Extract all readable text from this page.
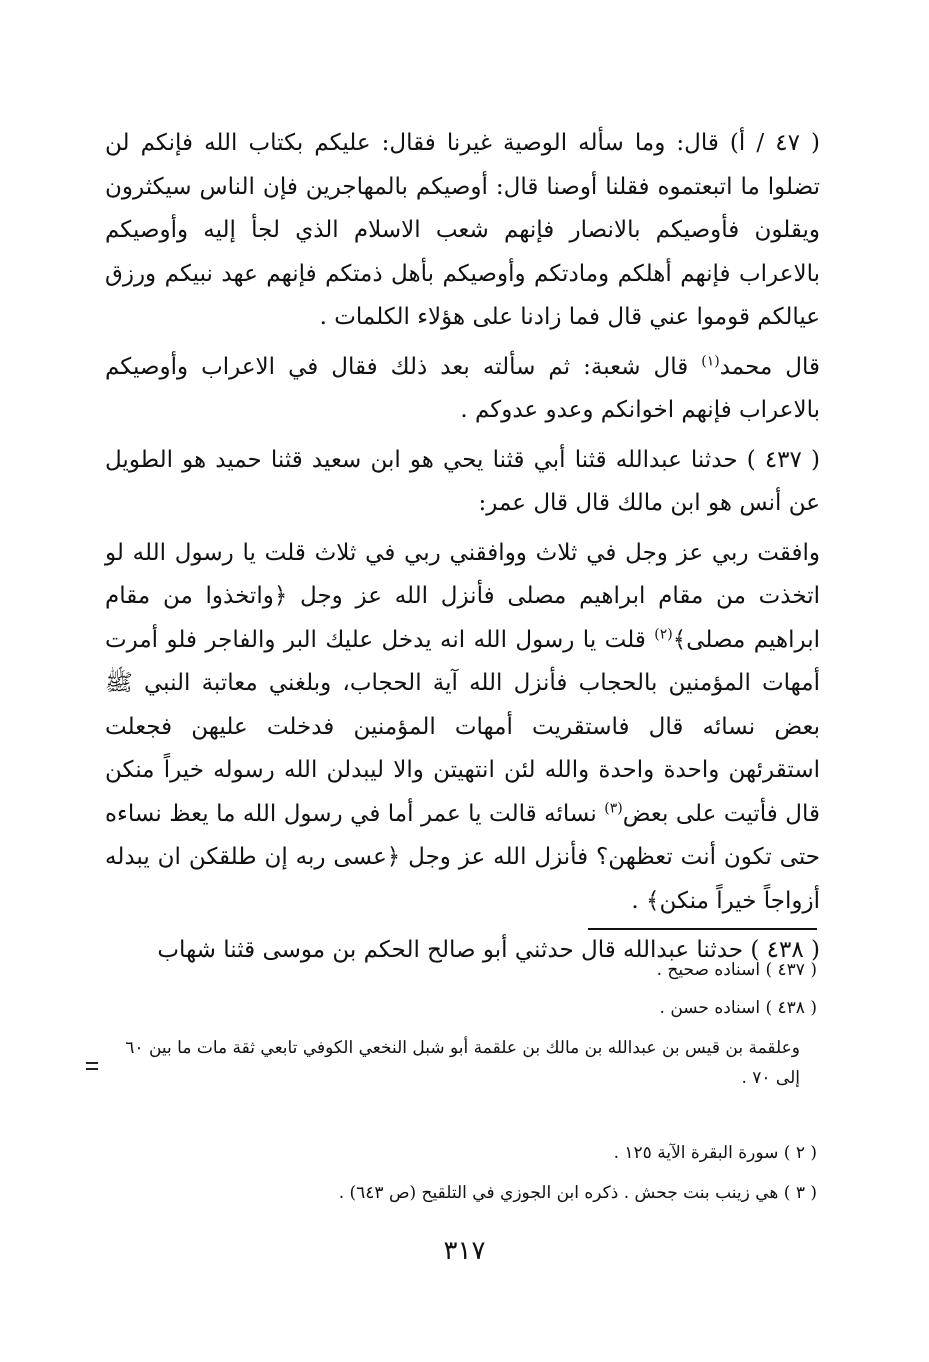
( ٤٧ / أ) قال: وما سأله الوصية غيرنا فقال: عليكم بكتاب الله فإنكم لن تضلوا ما اتبعتموه فقلنا أوصنا قال: أوصيكم بالمهاجرين فإن الناس سيكثرون ويقلون فأوصيكم بالانصار فإنهم شعب الاسلام الذي لجأ إليه وأوصيكم بالاعراب فإنهم أهلكم ومادتكم وأوصيكم بأهل ذمتكم فإنهم عهد نبيكم ورزق عيالكم قوموا عني قال فما زادنا على هؤلاء الكلمات .

قال محمد$^{(١)}$ قال شعبة: ثم سألته بعد ذلك فقال في الاعراب وأوصيكم بالاعراب فإنهم اخوانكم وعدو عدوكم .

( ٤٣٧ ) حدثنا عبدالله قثنا أبي قثنا يحي هو ابن سعيد قثنا حميد هو الطويل عن أنس هو ابن مالك قال قال عمر:

وافقت ربي عز وجل في ثلاث ووافقني ربي في ثلاث قلت يا رسول الله لو اتخذت من مقام ابراهيم مصلى فأنزل الله عز وجل ﴿واتخذوا من مقام ابراهيم مصلى﴾$^{(٢)}$ قلت يا رسول الله انه يدخل عليك البر والفاجر فلو أمرت أمهات المؤمنين بالحجاب فأنزل الله آية الحجاب، وبلغني معاتبة النبي ﷺ بعض نسائه قال فاستقريت أمهات المؤمنين فدخلت عليهن فجعلت استقرئهن واحدة واحدة والله لئن انتهيتن والا ليبدلن الله رسوله خيراً منكن قال فأتيت على بعض$^{(٣)}$ نسائه قالت يا عمر أما في رسول الله ما يعظ نساءه حتى تكون أنت تعظهن؟ فأنزل الله عز وجل ﴿عسى ربه إن طلقكن ان يبدله أزواجاً خيراً منكن﴾ .

( ٤٣٨ ) حدثنا عبدالله قال حدثني أبو صالح الحكم بن موسى قثنا شهاب

( ٤٣٧ ) اسناده صحيح .

( ٤٣٨ ) اسناده حسن .

وعلقمة بن قيس بن عبدالله بن مالك بن علقمة أبو شبل النخعي الكوفي تابعي ثقة مات ما بين ٦٠ إلى ٧٠ .

( ٢ ) سورة البقرة الآية ١٢٥ .

( ٣ ) هي زينب بنت جحش . ذكره ابن الجوزي في التلقيح (ص ٦٤٣) .

٣١٧
